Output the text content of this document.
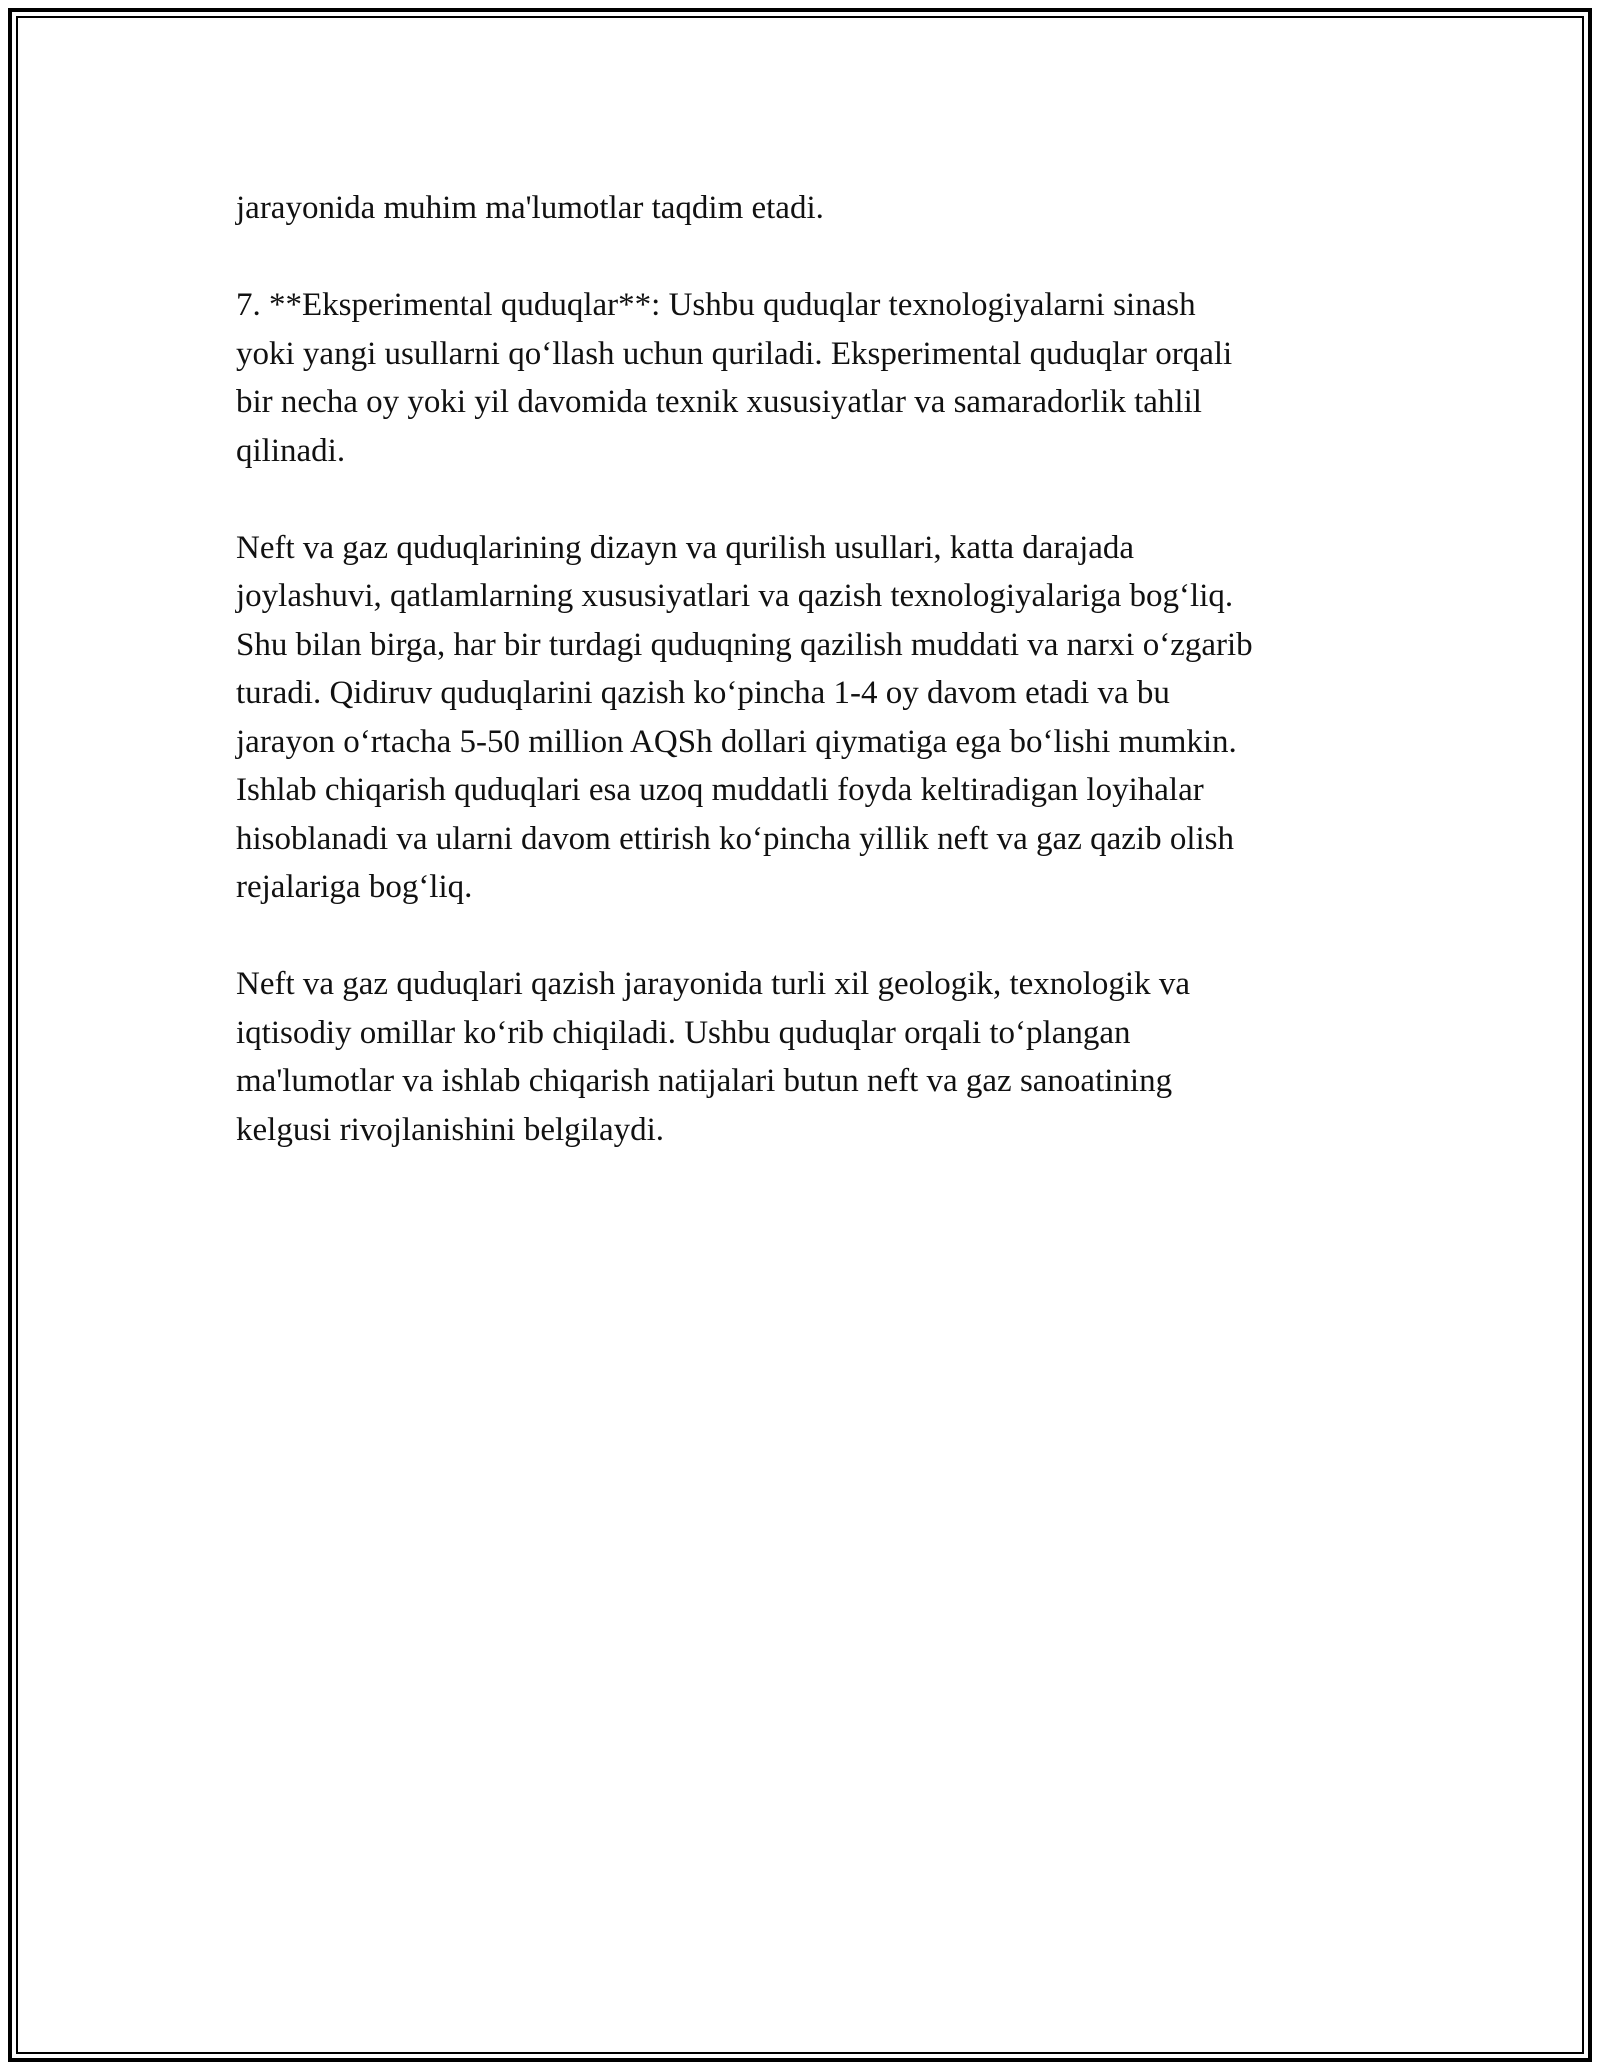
jarayonida muhim ma'lumotlar taqdim etadi.

7. **Eksperimental quduqlar**: Ushbu quduqlar texnologiyalarni sinash
yoki yangi usullarni qo‘llash uchun quriladi. Eksperimental quduqlar orqali
bir necha oy yoki yil davomida texnik xususiyatlar va samaradorlik tahlil
qilinadi.

Neft va gaz quduqlarining dizayn va qurilish usullari, katta darajada
joylashuvi, qatlamlarning xususiyatlari va qazish texnologiyalariga bog‘liq.
Shu bilan birga, har bir turdagi quduqning qazilish muddati va narxi o‘zgarib
turadi. Qidiruv quduqlarini qazish ko‘pincha 1-4 oy davom etadi va bu
jarayon o‘rtacha 5-50 million AQSh dollari qiymatiga ega bo‘lishi mumkin.
Ishlab chiqarish quduqlari esa uzoq muddatli foyda keltiradigan loyihalar
hisoblanadi va ularni davom ettirish ko‘pincha yillik neft va gaz qazib olish
rejalariga bog‘liq.

Neft va gaz quduqlari qazish jarayonida turli xil geologik, texnologik va
iqtisodiy omillar ko‘rib chiqiladi. Ushbu quduqlar orqali to‘plangan
ma'lumotlar va ishlab chiqarish natijalari butun neft va gaz sanoatining
kelgusi rivojlanishini belgilaydi.
